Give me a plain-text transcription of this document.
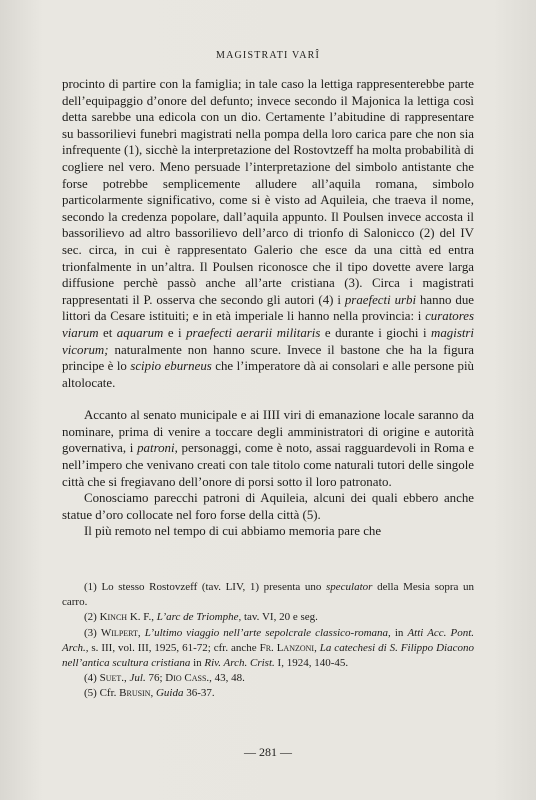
MAGISTRATI VARÎ

procinto di partire con la famiglia; in tale caso la lettiga rappresenterebbe parte dell’equipaggio d’onore del defunto; invece secondo il Majonica la lettiga così detta sarebbe una edicola con un dio. Certamente l’abitudine di rappresentare su bassorilievi funebri magistrati nella pompa della loro carica pare che non sia infrequente (1), sicchè la interpretazione del Rostovtzeff ha molta probabilità di cogliere nel vero. Meno persuade l’interpretazione del simbolo antistante che forse potrebbe semplicemente alludere all’aquila romana, simbolo particolarmente significativo, come si è visto ad Aquileia, che traeva il nome, secondo la credenza popolare, dall’aquila appunto. Il Poulsen invece accosta il bassorilievo ad altro bassorilievo dell’arco di trionfo di Salonicco (2) del IV sec. circa, in cui è rappresentato Galerio che esce da una città ed entra trionfalmente in un’altra. Il Poulsen riconosce che il tipo dovette avere larga diffusione perchè passò anche all’arte cristiana (3). Circa i magistrati rappresentati il P. osserva che secondo gli autori (4) i praefecti urbi hanno due littori da Cesare istituiti; e in età imperiale li hanno nella provincia: i curatores viarum et aquarum e i praefecti aerarii militaris e durante i giochi i magistri vicorum; naturalmente non hanno scure. Invece il bastone che ha la figura principe è lo scipio eburneus che l’imperatore dà ai consolari e alle persone più altolocate.

Accanto al senato municipale e ai IIII viri di emanazione locale saranno da nominare, prima di venire a toccare degli amministratori di origine e autorità governativa, i patroni, personaggi, come è noto, assai ragguardevoli in Roma e nell’impero che venivano creati con tale titolo come naturali tutori delle singole città che si fregiavano dell’onore di porsi sotto il loro patronato.

Conosciamo parecchi patroni di Aquileia, alcuni dei quali ebbero anche statue d’oro collocate nel foro forse della città (5).

Il più remoto nel tempo di cui abbiamo memoria pare che

(1) Lo stesso Rostovzeff (tav. LIV, 1) presenta uno speculator della Mesia sopra un carro.

(2) Kinch K. F., L’arc de Triomphe, tav. VI, 20 e seg.

(3) Wilpert, L’ultimo viaggio nell’arte sepolcrale classico-romana, in Atti Acc. Pont. Arch., s. III, vol. III, 1925, 61-72; cfr. anche Fr. Lanzoni, La catechesi di S. Filippo Diacono nell’antica scultura cristiana in Riv. Arch. Crist. I, 1924, 140-45.

(4) Suet., Jul. 76; Dio Cass., 43, 48.

(5) Cfr. Brusin, Guida 36-37.

— 281 —
